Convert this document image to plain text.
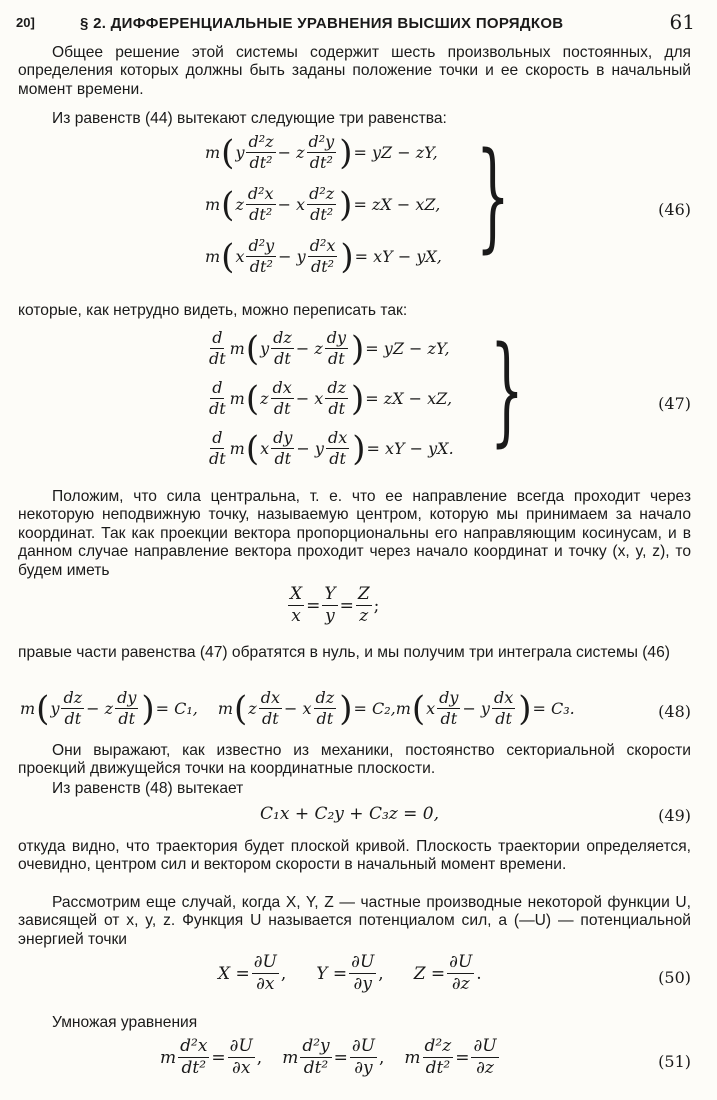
20]	§ 2. ДИФФЕРЕНЦИАЛЬНЫЕ УРАВНЕНИЯ ВЫСШИХ ПОРЯДКОВ	61
Общее решение этой системы содержит шесть произвольных постоянных, для определения которых должны быть заданы положение точки и ее скорость в начальный момент времени.
Из равенств (44) вытекают следующие три равенства:
m ( y $\frac{\text{d²z}}{\text{dt²}} - z \frac{\text{d²y}}{\text{dt²}}$ ) = yZ − zY,
m ( z $\frac{\text{d²x}}{\text{dt²}} - x \frac{\text{d²z}}{\text{dt²}}$ ) = zX − xZ,
m ( x $\frac{\text{d²y}}{\text{dt²}} - y \frac{\text{d²x}}{\text{dt²}}$ ) = xY − yX, }	(46)
которые, как нетрудно видеть, можно переписать так:
$\frac{d}{dt}$ m ( y $\frac{dz}{dt} - z \frac{dy}{dt}$ ) = yZ − zY,
$\frac{d}{dt}$ m ( z $\frac{dx}{dt} - x \frac{dz}{dt}$ ) = zX − xZ,
$\frac{d}{dt}$ m ( x $\frac{dy}{dt} - y \frac{dx}{dt}$ ) = xY − yX. }	(47)
Положим, что сила центральна, т. е. что ее направление всегда проходит через некоторую неподвижную точку, называемую центром, которую мы принимаем за начало координат. Так как проекции вектора пропорциональны его направляющим косинусам, и в данном случае направление вектора проходит через начало координат и точку (x, y, z), то будем иметь
$\frac{X}{x} = \frac{Y}{y} = \frac{Z}{z}$ ;
правые части равенства (47) обратятся в нуль, и мы получим три интеграла системы (46)
m ( y $\frac{dz}{dt} - z \frac{dy}{dt}$ ) = C₁, m ( z $\frac{dx}{dt} - x \frac{dz}{dt}$ ) = C₂, m ( x $\frac{dy}{dt} - y \frac{dx}{dt}$ ) = C₃.	(48)
Они выражают, как известно из механики, постоянство секториальной скорости проекций движущейся точки на координатные плоскости.
Из равенств (48) вытекает
C₁x + C₂y + C₃z = 0,	(49)
откуда видно, что траектория будет плоской кривой. Плоскость траектории определяется, очевидно, центром сил и вектором скорости в начальный момент времени.
Рассмотрим еще случай, когда X, Y, Z — частные производные некоторой функции U, зависящей от x, y, z. Функция U называется потенциалом сил, а (—U) — потенциальной энергией точки
$X = \frac{\partial U}{\partial x}$ , $Y = \frac{\partial U}{\partial y}$ , $Z = \frac{\partial U}{\partial z}$ .	(50)
Умножая уравнения
m $\frac{\text{d²x}}{\text{dt²}} = \frac{\partial U}{\partial x}$ , m $\frac{\text{d²y}}{\text{dt²}} = \frac{\partial U}{\partial y}$ , m $\frac{\text{d²z}}{\text{dt²}} = \frac{\partial U}{\partial z}$	(51)
